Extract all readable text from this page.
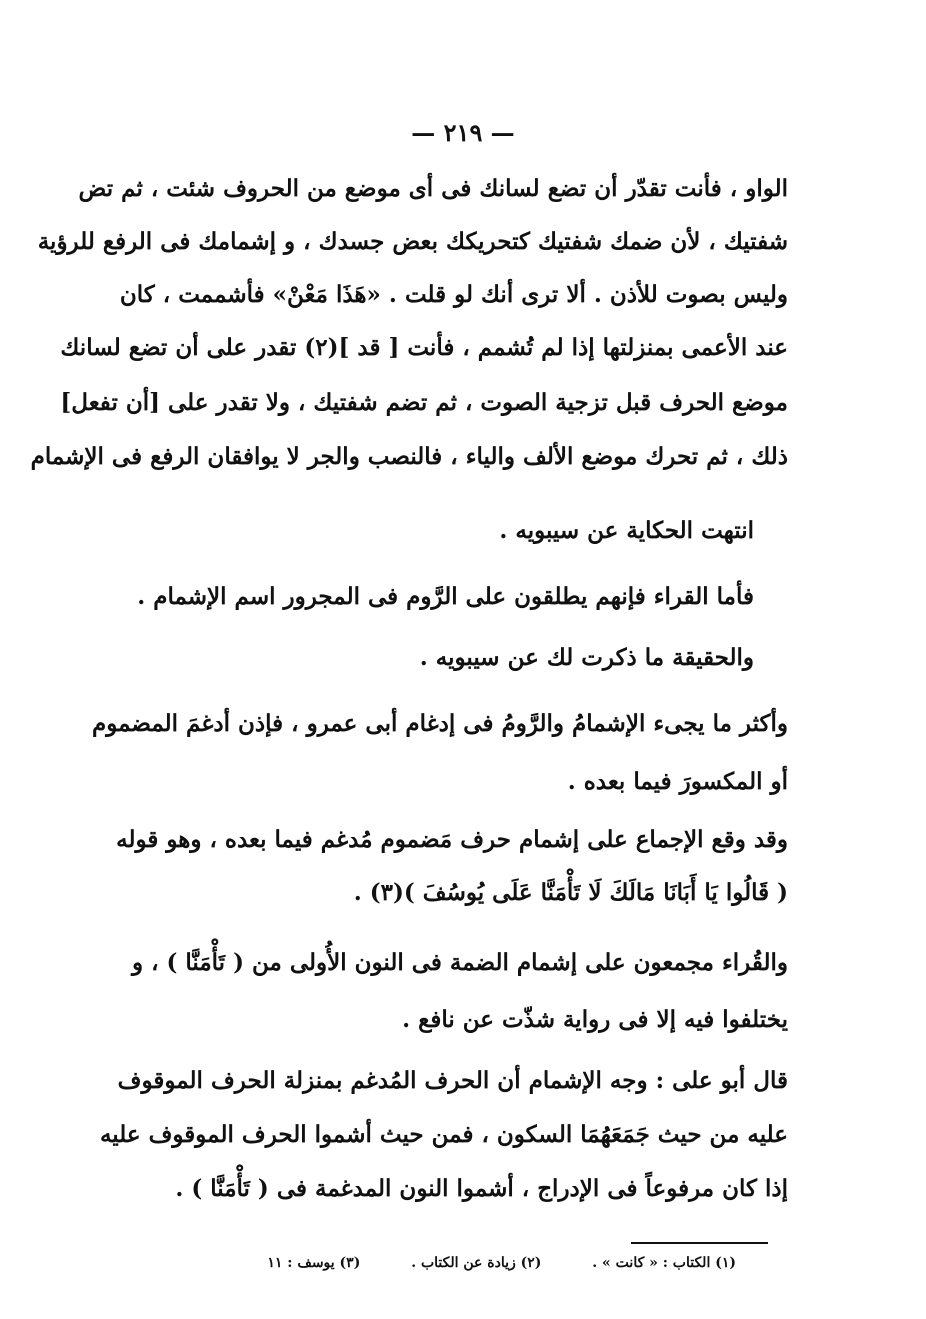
— ٢١٩ —
الواو ، فأنت تقدّر أن تضع لسانك فى أى موضع من الحروف شئت ، ثم تض
شفتيك ، لأن ضمك شفتيك كتحريكك بعض جسدك ، و إشمامك فى الرفع للرؤية
وليس بصوت للأذن . ألا ترى أنك لو قلت . «هَذَا مَعْنْ» فأشممت ، كان
عند الأعمى بمنزلتها إذا لم تُشمم ، فأنت [ قد ](٢) تقدر على أن تضع لسانك
موضع الحرف قبل تزجية الصوت ، ثم تضم شفتيك ، ولا تقدر على [أن تفعل]
ذلك ، ثم تحرك موضع الألف والياء ، فالنصب والجر لا يوافقان الرفع فى الإشمام
انتهت الحكاية عن سيبويه .
فأما القراء فإنهم يطلقون على الرَّوم فى المجرور اسم الإشمام .
والحقيقة ما ذكرت لك عن سيبويه .
وأكثر ما يجىء الإشمامُ والرَّومُ فى إدغام أبى عمرو ، فإذن أدغمَ المضموم
أو المكسورَ فيما بعده .
وقد وقع الإجماع على إشمام حرف مَضموم مُدغم فيما بعده ، وهو قوله
( قَالُوا يَا أَبَانَا مَالَكَ لَا تَأْمَنَّا عَلَى يُوسُفَ )(٣) .
والقُراء مجمعون على إشمام الضمة فى النون الأُولى من ( تَأْمَنَّا ) ، و
يختلفوا فيه إلا فى رواية شذّت عن نافع .
قال أبو على : وجه الإشمام أن الحرف المُدغم بمنزلة الحرف الموقوف
عليه من حيث جَمَعَهُمَا السكون ، فمن حيث أشموا الحرف الموقوف عليه
إذا كان مرفوعاً فى الإدراج ، أشموا النون المدغمة فى ( تَأْمَنَّا ) .
(١) الكتاب : « كانت » . (٢) زيادة عن الكتاب . (٣) يوسف : ١١
